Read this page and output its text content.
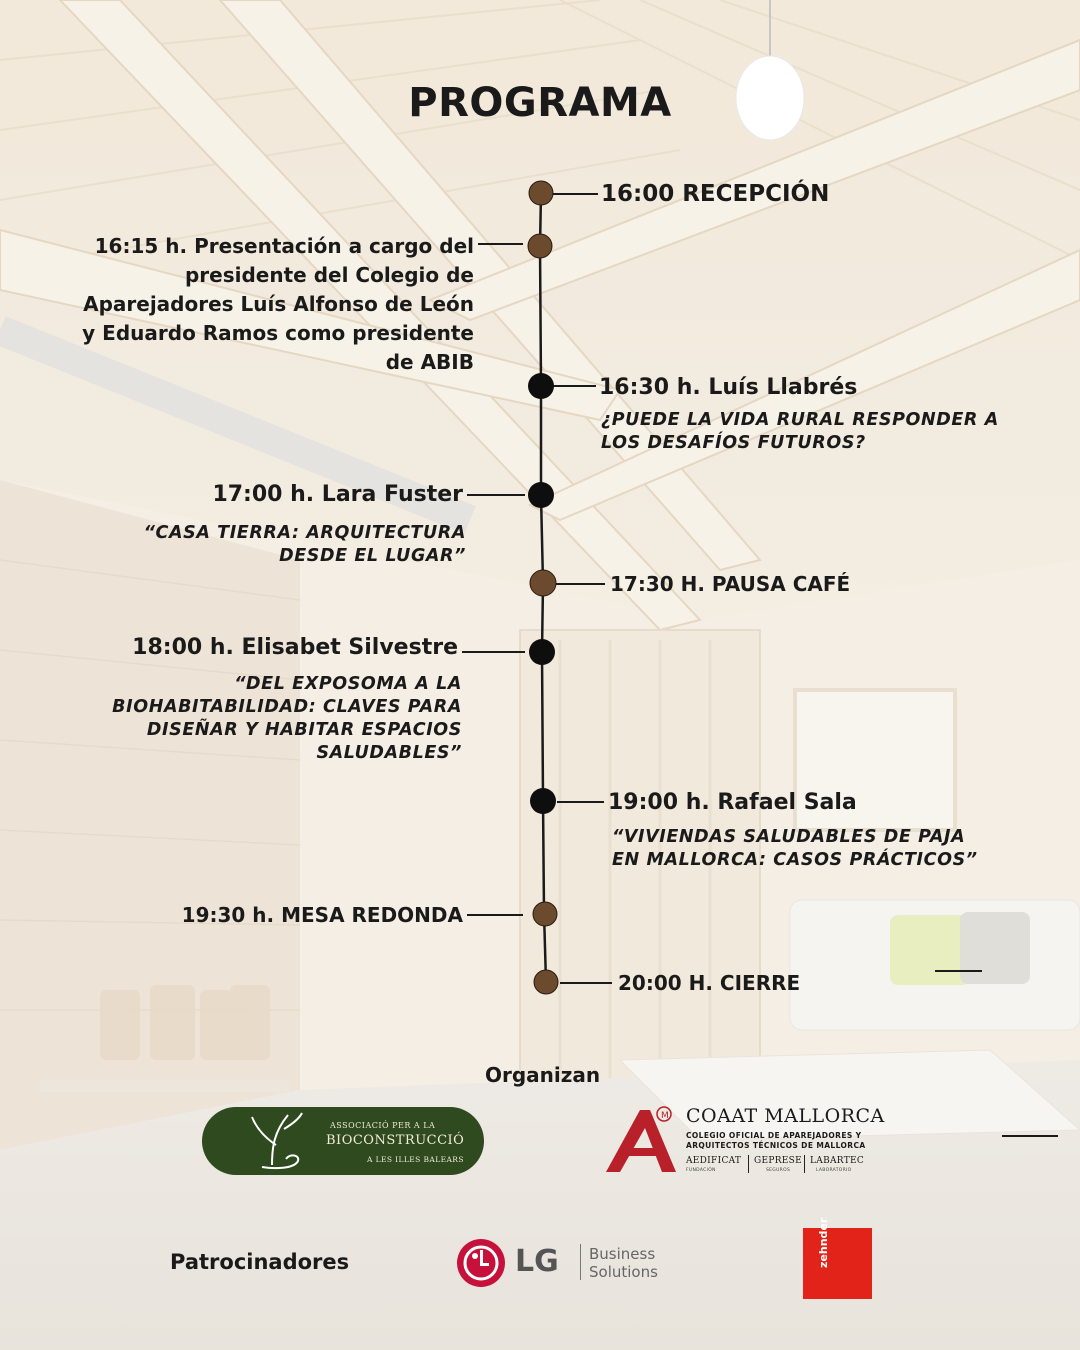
PROGRAMA
16:00 RECEPCIÓN
16:15 h. Presentación a cargo del
presidente del Colegio de
Aparejadores Luís Alfonso de León
y Eduardo Ramos como presidente
de ABIB
16:30 h. Luís Llabrés
¿PUEDE LA VIDA RURAL RESPONDER A
LOS DESAFÍOS FUTUROS?
17:00 h. Lara Fuster
“CASA TIERRA: ARQUITECTURA
DESDE EL LUGAR”
17:30 H. PAUSA CAFÉ
18:00 h. Elisabet Silvestre
“DEL EXPOSOMA A LA
BIOHABITABILIDAD: CLAVES PARA
DISEÑAR Y HABITAR ESPACIOS
SALUDABLES”
19:00 h. Rafael Sala
“VIVIENDAS SALUDABLES DE PAJA
EN MALLORCA: CASOS PRÁCTICOS”
19:30 h. MESA REDONDA
20:00 H. CIERRE
Organizan
ASSOCIACIÓ PER A LA
BIOCONSTRUCCIÓ
A LES ILLES BALEARS
M COAAT MALLORCA
COLEGIO OFICIAL DE APAREJADORES Y
ARQUITECTOS TÉCNICOS DE MALLORCA
AEDIFICAT GEPRESE LABARTEC
FUNDACIÓN	SEGUROS	LABORATORIO
Patrocinadores	LG Business
Solutions
zehnder
